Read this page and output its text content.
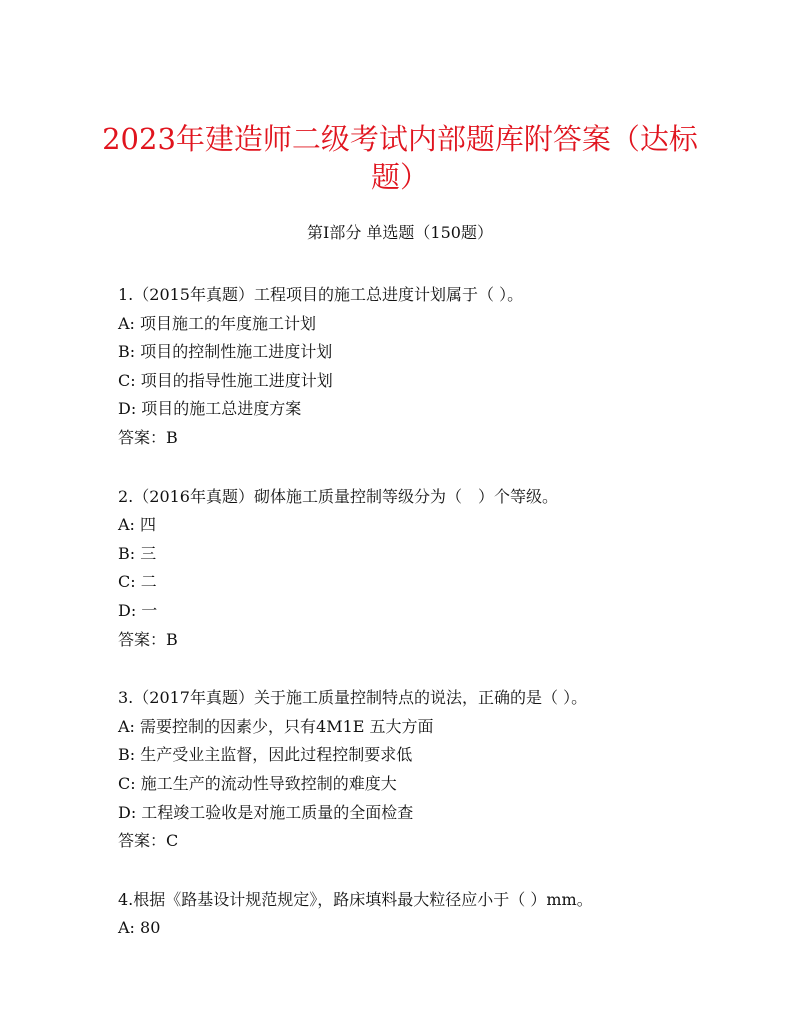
2023年建造师二级考试内部题库附答案（达标题）
第I部分 单选题（150题）
1.（2015年真题）工程项目的施工总进度计划属于（ ）。
A: 项目施工的年度施工计划
B: 项目的控制性施工进度计划
C: 项目的指导性施工进度计划
D: 项目的施工总进度方案
答案：B
2.（2016年真题）砌体施工质量控制等级分为（　）个等级。
A: 四
B: 三
C: 二
D: 一
答案：B
3.（2017年真题）关于施工质量控制特点的说法，正确的是（ ）。
A: 需要控制的因素少，只有4M1E 五大方面
B: 生产受业主监督，因此过程控制要求低
C: 施工生产的流动性导致控制的难度大
D: 工程竣工验收是对施工质量的全面检查
答案：C
4.根据《路基设计规范规定》，路床填料最大粒径应小于（ ）mm。
A: 80
